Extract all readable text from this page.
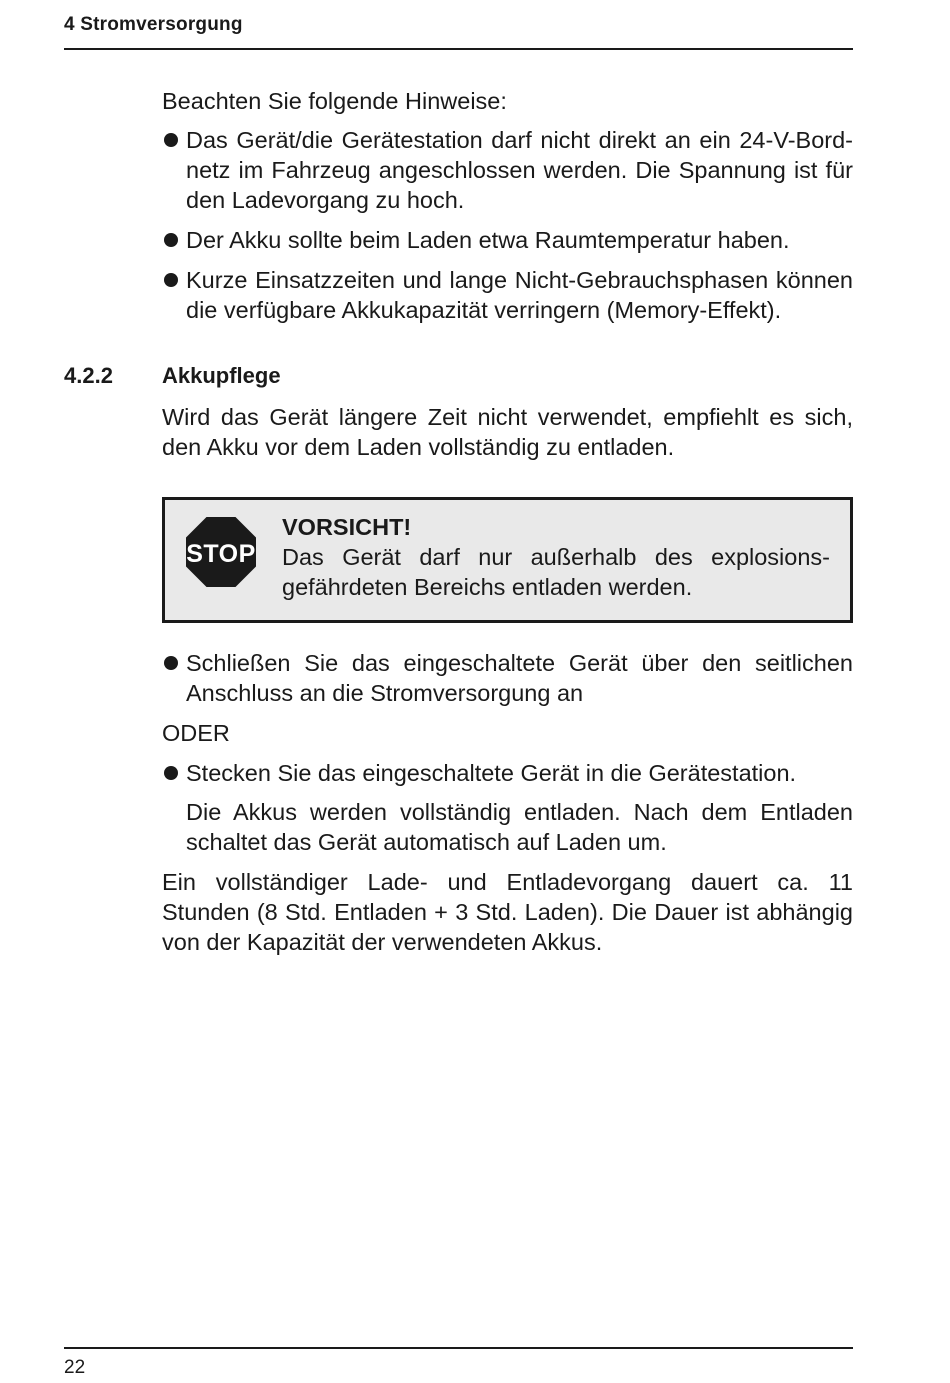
4 Stromversorgung
Beachten Sie folgende Hinweise:
Das Gerät/die Gerätestation darf nicht direkt an ein 24-V-Bord-netz im Fahrzeug angeschlossen werden. Die Spannung ist für den Ladevorgang zu hoch.
Der Akku sollte beim Laden etwa Raumtemperatur haben.
Kurze Einsatzzeiten und lange Nicht-Gebrauchsphasen können die verfügbare Akkukapazität verringern (Memory-Effekt).
4.2.2 Akkupflege
Wird das Gerät längere Zeit nicht verwendet, empfiehlt es sich, den Akku vor dem Laden vollständig zu entladen.
STOP
VORSICHT!
Das Gerät darf nur außerhalb des explosions-gefährdeten Bereichs entladen werden.
Schließen Sie das eingeschaltete Gerät über den seitlichen Anschluss an die Stromversorgung an
ODER
Stecken Sie das eingeschaltete Gerät in die Gerätestation.
Die Akkus werden vollständig entladen. Nach dem Entladen schaltet das Gerät automatisch auf Laden um.
Ein vollständiger Lade- und Entladevorgang dauert ca. 11 Stunden (8 Std. Entladen + 3 Std. Laden). Die Dauer ist abhängig von der Kapazität der verwendeten Akkus.
22
